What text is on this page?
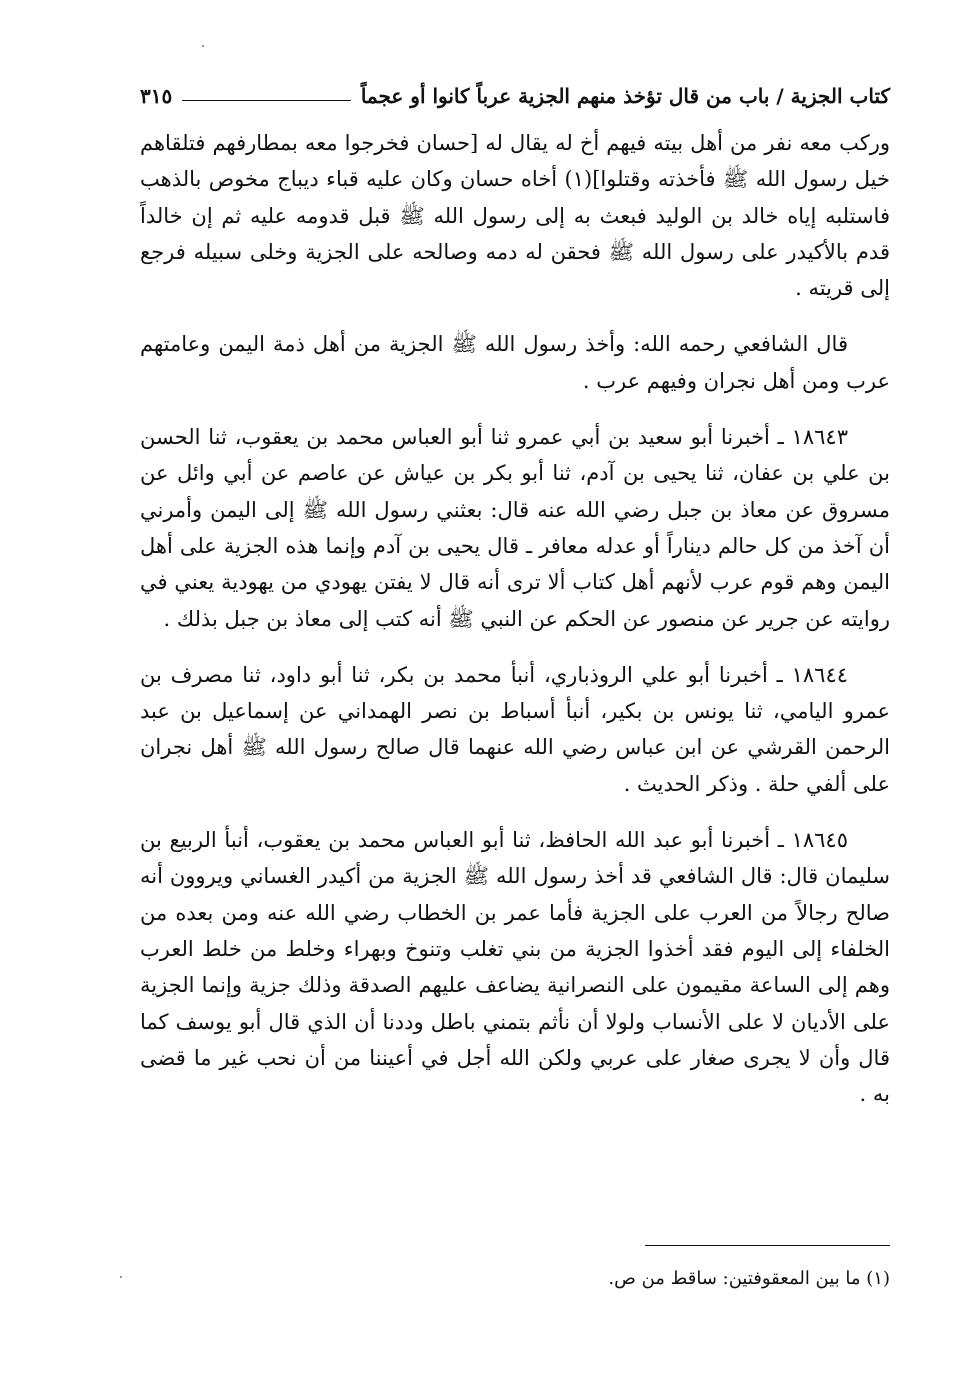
كتاب الجزية / باب من قال تؤخذ منهم الجزية عرباً كانوا أو عجماً
٣١٥

وركب معه نفر من أهل بيته فيهم أخ له يقال له [حسان فخرجوا معه بمطارفهم فتلقاهم خيل رسول الله ﷺ فأخذته وقتلوا](١) أخاه حسان وكان عليه قباء ديباج مخوص بالذهب فاستلبه إياه خالد بن الوليد فبعث به إلى رسول الله ﷺ قبل قدومه عليه ثم إن خالداً قدم بالأكيدر على رسول الله ﷺ فحقن له دمه وصالحه على الجزية وخلى سبيله فرجع إلى قريته .

قال الشافعي رحمه الله: وأخذ رسول الله ﷺ الجزية من أهل ذمة اليمن وعامتهم عرب ومن أهل نجران وفيهم عرب .

١٨٦٤٣ ـ أخبرنا أبو سعيد بن أبي عمرو ثنا أبو العباس محمد بن يعقوب، ثنا الحسن بن علي بن عفان، ثنا يحيى بن آدم، ثنا أبو بكر بن عياش عن عاصم عن أبي وائل عن مسروق عن معاذ بن جبل رضي الله عنه قال: بعثني رسول الله ﷺ إلى اليمن وأمرني أن آخذ من كل حالم ديناراً أو عدله معافر ـ قال يحيى بن آدم وإنما هذه الجزية على أهل اليمن وهم قوم عرب لأنهم أهل كتاب ألا ترى أنه قال لا يفتن يهودي من يهودية يعني في روايته عن جرير عن منصور عن الحكم عن النبي ﷺ أنه كتب إلى معاذ بن جبل بذلك .

١٨٦٤٤ ـ أخبرنا أبو علي الروذباري، أنبأ محمد بن بكر، ثنا أبو داود، ثنا مصرف بن عمرو اليامي، ثنا يونس بن بكير، أنبأ أسباط بن نصر الهمداني عن إسماعيل بن عبد الرحمن القرشي عن ابن عباس رضي الله عنهما قال صالح رسول الله ﷺ أهل نجران على ألفي حلة . وذكر الحديث .

١٨٦٤٥ ـ أخبرنا أبو عبد الله الحافظ، ثنا أبو العباس محمد بن يعقوب، أنبأ الربيع بن سليمان قال: قال الشافعي قد أخذ رسول الله ﷺ الجزية من أكيدر الغساني ويروون أنه صالح رجالاً من العرب على الجزية فأما عمر بن الخطاب رضي الله عنه ومن بعده من الخلفاء إلى اليوم فقد أخذوا الجزية من بني تغلب وتنوخ وبهراء وخلط من خلط العرب وهم إلى الساعة مقيمون على النصرانية يضاعف عليهم الصدقة وذلك جزية وإنما الجزية على الأديان لا على الأنساب ولولا أن نأثم بتمني باطل وددنا أن الذي قال أبو يوسف كما قال وأن لا يجرى صغار على عربي ولكن الله أجل في أعيننا من أن نحب غير ما قضى به .

(١) ما بين المعقوفتين: ساقط من ص.
